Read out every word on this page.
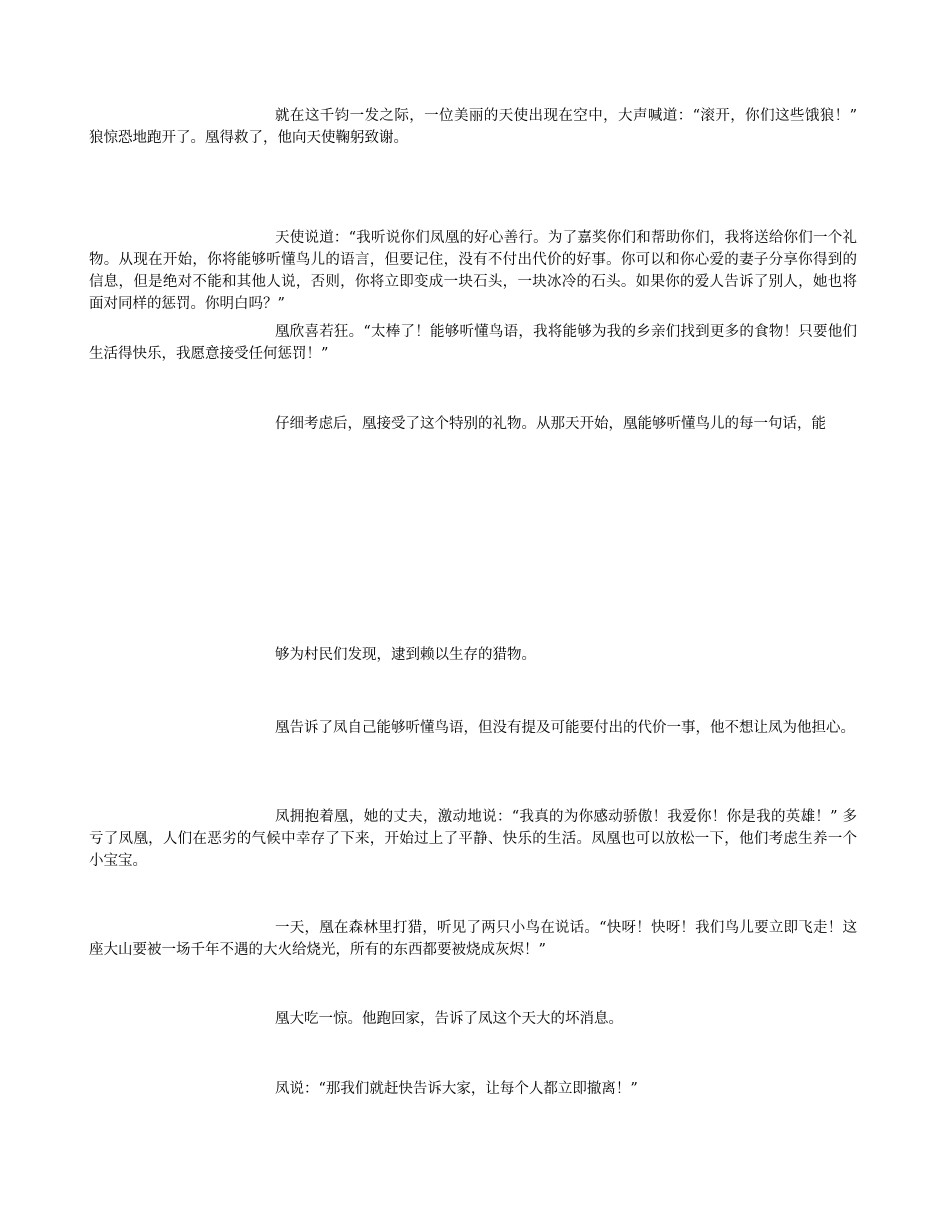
就在这千钧一发之际，一位美丽的天使出现在空中，大声喊道：“滚开，你们这些饿狼！” 狼惊恐地跑开了。凰得救了，他向天使鞠躬致谢。

天使说道：“我听说你们凤凰的好心善行。为了嘉奖你们和帮助你们，我将送给你们一个礼物。从现在开始，你将能够听懂鸟儿的语言，但要记住，没有不付出代价的好事。你可以和你心爱的妻子分享你得到的信息，但是绝对不能和其他人说，否则，你将立即变成一块石头，一块冰冷的石头。如果你的爱人告诉了别人，她也将面对同样的惩罚。你明白吗？”

凰欣喜若狂。“太棒了！能够听懂鸟语，我将能够为我的乡亲们找到更多的食物！只要他们生活得快乐，我愿意接受任何惩罚！”

仔细考虑后，凰接受了这个特别的礼物。从那天开始，凰能够听懂鸟儿的每一句话，能

够为村民们发现，逮到赖以生存的猎物。

凰告诉了凤自己能够听懂鸟语，但没有提及可能要付出的代价一事，他不想让凤为他担心。

凤拥抱着凰，她的丈夫，激动地说：“我真的为你感动骄傲！我爱你！你是我的英雄！” 多亏了凤凰，人们在恶劣的气候中幸存了下来，开始过上了平静、快乐的生活。凤凰也可以放松一下，他们考虑生养一个小宝宝。

一天，凰在森林里打猎，听见了两只小鸟在说话。“快呀！快呀！我们鸟儿要立即飞走！这座大山要被一场千年不遇的大火给烧光，所有的东西都要被烧成灰烬！”

凰大吃一惊。他跑回家，告诉了凤这个天大的坏消息。

凤说：“那我们就赶快告诉大家，让每个人都立即撤离！”
